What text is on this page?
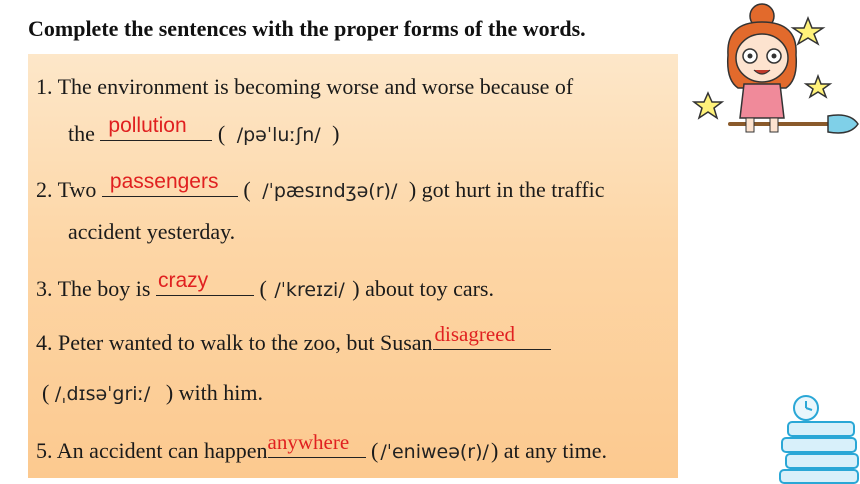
Complete the sentences with the proper forms of the words.
1. The environment is becoming worse and worse because of
the pollution ( /pəˈluːʃn/ )
2. Two passengers ( /ˈpæsɪndʒə(r)/ ) got hurt in the traffic
accident yesterday.
3. The boy is crazy ( /ˈkreɪzi/ ) about toy cars.
4. Peter wanted to walk to the zoo, but Susan disagreed
( /ˌdɪsəˈgriː/ ) with him.
5. An accident can happen anywhere ( /ˈeniweə(r)/) at any time.
